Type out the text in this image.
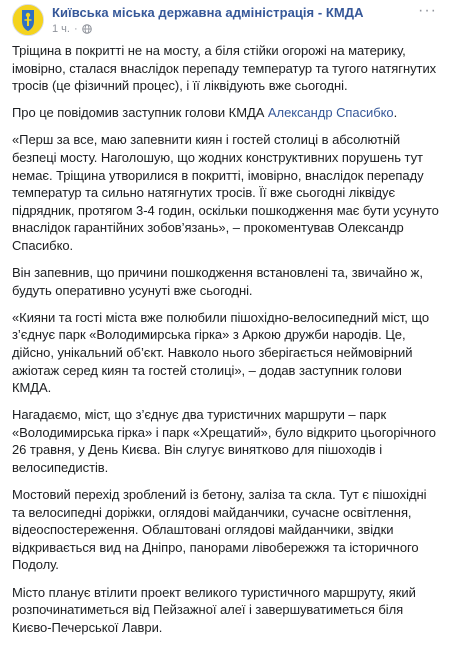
Київська міська державна адміністрація - КМДА
1 ч. ·
···

Тріщина в покритті не на мосту, а біля стійки огорожі на материку, імовірно, сталася внаслідок перепаду температур та тугого натягнутих тросів (це фізичний процес), і її ліквідують вже сьогодні.

Про це повідомив заступник голови КМДА Александр Спасибко.

«Перш за все, маю запевнити киян і гостей столиці в абсолютній безпеці мосту. Наголошую, що жодних конструктивних порушень тут немає. Тріщина утворилися в покритті, імовірно, внаслідок перепаду температур та сильно натягнутих тросів. Її вже сьогодні ліквідує підрядник, протягом 3-4 годин, оскільки пошкодження має бути усунуто внаслідок гарантійних зобов’язань», – прокоментував Олександр Спасибко.

Він запевнив, що причини пошкодження встановлені та, звичайно ж, будуть оперативно усунуті вже сьогодні.

«Кияни та гості міста вже полюбили пішохідно-велосипедний міст, що з’єднує парк «Володимирська гірка» з Аркою дружби народів. Це, дійсно, унікальний об’єкт. Навколо нього зберігається неймовірний ажіотаж серед киян та гостей столиці», – додав заступник голови КМДА.

Нагадаємо, міст, що з’єднує два туристичних маршрути – парк «Володимирська гірка» і парк «Хрещатий», було відкрито цьогорічного 26 травня, у День Києва. Він слугує винятково для пішоходів і велосипедистів.

Мостовий перехід зроблений із бетону, заліза та скла. Тут є пішохідні та велосипедні доріжки, оглядові майданчики, сучасне освітлення, відеоспостереження. Облаштовані оглядові майданчики, звідки відкривається вид на Дніпро, панорами лівобережжя та історичного Подолу.

Місто планує втілити проект великого туристичного маршруту, який розпочинатиметься від Пейзажної алеї і завершуватиметься біля Києво-Печерської Лаври.
